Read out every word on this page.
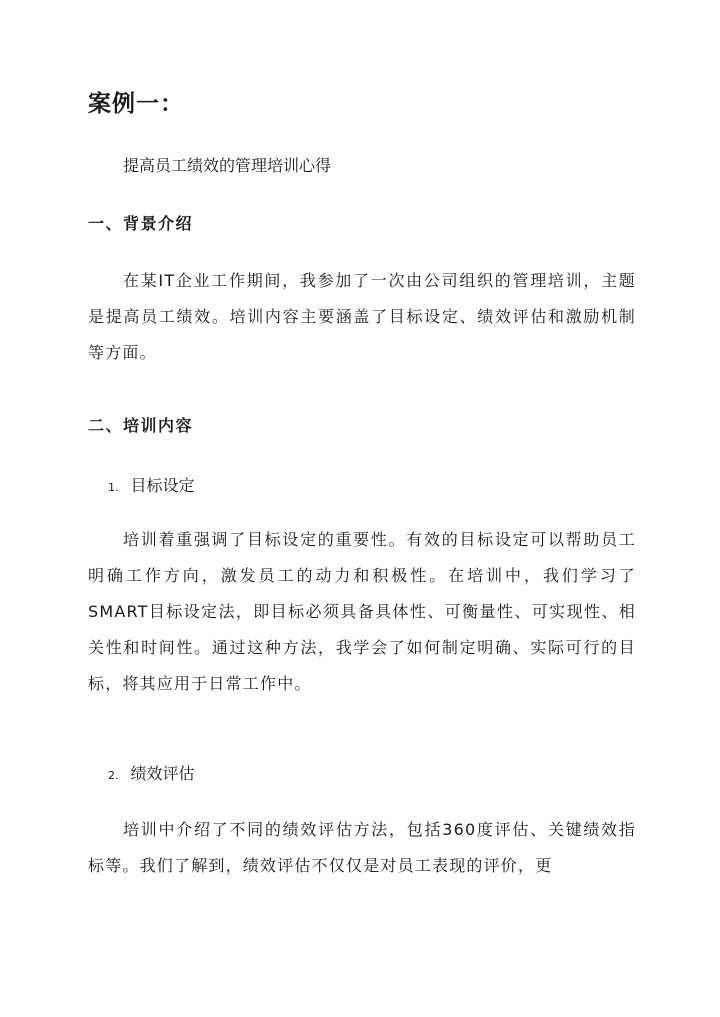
案例一：

提高员工绩效的管理培训心得

一、背景介绍

在某IT企业工作期间，我参加了一次由公司组织的管理培训，主题是提高员工绩效。培训内容主要涵盖了目标设定、绩效评估和激励机制等方面。

二、培训内容
1. 目标设定

培训着重强调了目标设定的重要性。有效的目标设定可以帮助员工明确工作方向，激发员工的动力和积极性。在培训中，我们学习了SMART目标设定法，即目标必须具备具体性、可衡量性、可实现性、相关性和时间性。通过这种方法，我学会了如何制定明确、实际可行的目标，将其应用于日常工作中。

2. 绩效评估

培训中介绍了不同的绩效评估方法，包括360度评估、关键绩效指标等。我们了解到，绩效评估不仅仅是对员工表现的评价，更
